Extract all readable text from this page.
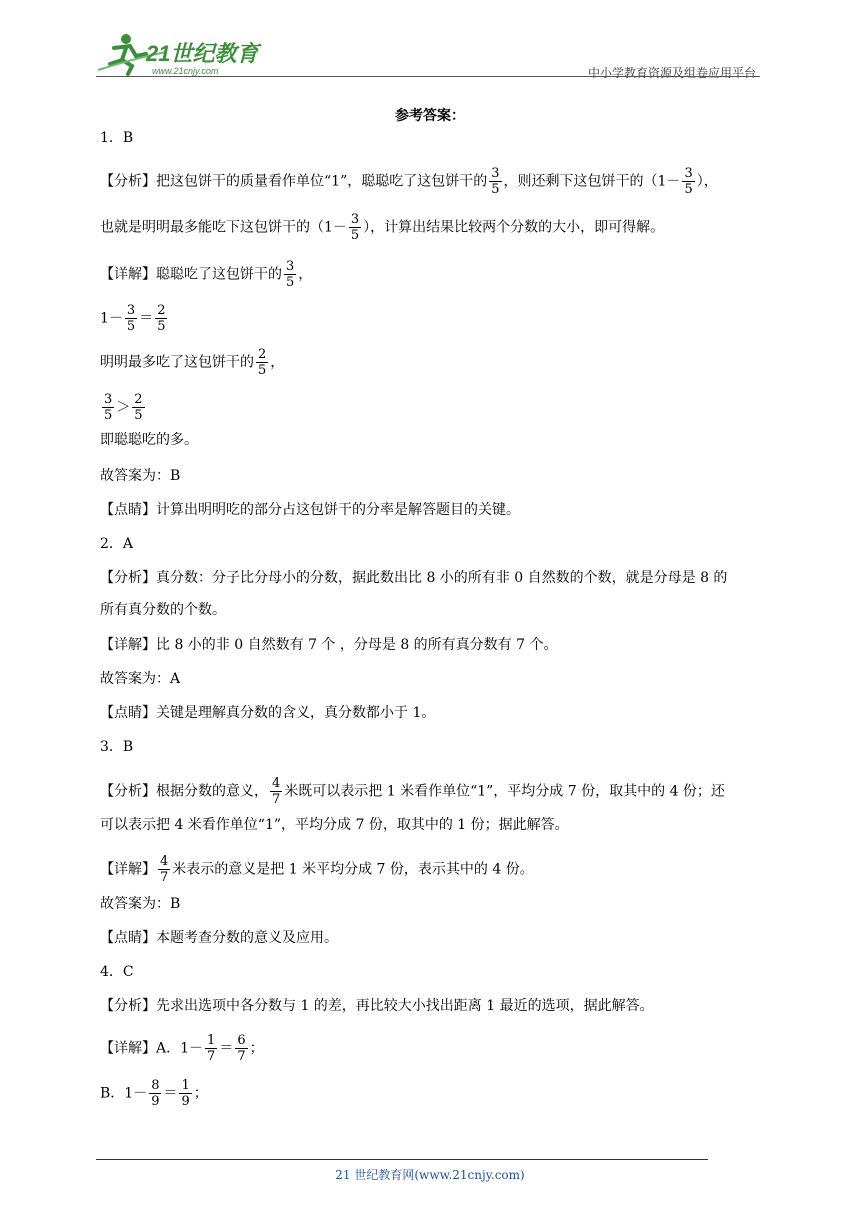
21世纪教育
www.21cnjy.com	中小学教育资源及组卷应用平台
参考答案：
1．B
【分析】把这包饼干的质量看作单位“1”，聪聪吃了这包饼干的 $\frac{3}{5}$ ，则还剩下这包饼干的（$1- \frac{3}{5}$ ），
也就是明明最多能吃下这包饼干的（$1- \frac{3}{5}$ ），计算出结果比较两个分数的大小，即可得解。
【详解】聪聪吃了这包饼干的 $\frac{3}{5}$ ，
$1- \frac{3}{5} = \frac{2}{5}$
明明最多吃了这包饼干的 $\frac{2}{5}$ ，
$\frac{3}{5} > \frac{2}{5}$
即聪聪吃的多。
故答案为：B
【点睛】计算出明明吃的部分占这包饼干的分率是解答题目的关键。
2．A
【分析】真分数：分子比分母小的分数，据此数出比 8 小的所有非 0 自然数的个数，就是分母是 8 的
所有真分数的个数。
【详解】比 8 小的非 0 自然数有 7 个 ，分母是 8 的所有真分数有 7 个。
故答案为：A
【点睛】关键是理解真分数的含义，真分数都小于 1。
3．B
【分析】根据分数的意义， $\frac{4}{7}$ 米既可以表示把 1 米看作单位“1”，平均分成 7 份，取其中的 4 份；还
可以表示把 4 米看作单位“1”，平均分成 7 份，取其中的 1 份；据此解答。
【详解】 $\frac{4}{7}$ 米表示的意义是把 1 米平均分成 7 份，表示其中的 4 份。
故答案为：B
【点睛】本题考查分数的意义及应用。
4．C
【分析】先求出选项中各分数与 1 的差，再比较大小找出距离 1 最近的选项，据此解答。
【详解】A．$1- \frac{1}{7} = \frac{6}{7}$ ；
B．$1- \frac{8}{9} = \frac{1}{9}$ ；
21 世纪教育网(www.21cnjy.com)
